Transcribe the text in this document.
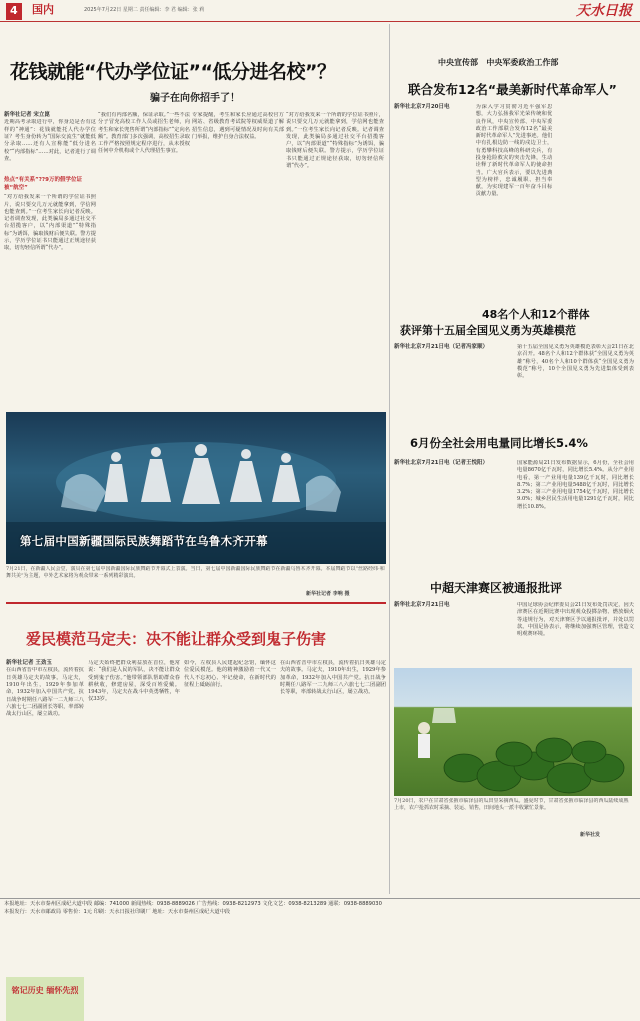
4	国内	2025年7月22日 星期二 责任编辑：李 君 编辑：张 莉	天水日报
花钱就能“代办学位证”“低分进名校”？
骗子在向你招手了！
新华社记者 宋立崑
近期高考录取进行中，你身边是否有这样的“神通”：花钱就能托人代办学位证？考生身份转为“国际交流生”就能低分录取……还有人宣称能“低分进名校”“内部指标”……对此，记者进行了调查。
热点“有关系”??9万的假学位证被“航空”
“对方给我发来一个所谓的学位证书照片，说只要交几万元就能拿到，学信网也能查到。”一位考生家长向记者反映。记者调查发现，此类骗局多通过社交平台招揽客户，以“内部渠道”“特殊指标”为诱饵，骗取钱财后便失联。警方提示，学历学位证书只能通过正规途径获取，切勿轻信所谓“代办”。
“我们有内部名额，保证录取。”一些不法分子冒充高校工作人员或招生老师，向考生和家长兜售所谓“内部指标”“定向名额”。教育部门多次强调，高校招生录取工作严格按照规定程序进行，从未授权任何中介机构或个人代理招生事宜。
专家提醒，考生和家长应通过高校官方网站、省级教育考试院等权威渠道了解招生信息，遇到可疑情况及时向有关部门举报，维护自身合法权益。
“对方给我发来一个所谓的学位证书照片，说只要交几万元就能拿到，学信网也能查到。”一位考生家长向记者反映。记者调查发现，此类骗局多通过社交平台招揽客户，以“内部渠道”“特殊指标”为诱饵，骗取钱财后便失联。警方提示，学历学位证书只能通过正规途径获取，切勿轻信所谓“代办”。
第七届中国新疆国际民族舞蹈节在乌鲁木齐开幕
7月21日，在新疆人民会堂，演员在第七届中国新疆国际民族舞蹈节开幕式上表演。当日，第七届中国新疆国际民族舞蹈节在新疆乌鲁木齐开幕。本届舞蹈节以“丝路经纬·和舞共美”为主题，中外艺术家将为观众带来一系列精彩演出。
新华社记者 李响 摄
爱民模范马定夫：决不能让群众受到鬼子伤害
新华社记者 王劲玉
在山西省晋中市左权县，流传着抗日英雄马定夫的故事。马定夫，1910年出生，1929年参加革命，1932年加入中国共产党。抗日战争时期任八路军一二九师三八六旅七七二团副团长等职，率部转战太行山区，屡立战功。
铭记历史 缅怀先烈
马定夫始终把群众利益放在首位，他常说：“我们是人民的军队，决不能让群众受到鬼子伤害。”他带领部队帮助群众春耕秋收，修建房屋，深受百姓爱戴。1943年，马定夫在战斗中英勇牺牲，年仅33岁。
如今，左权县人民建起纪念馆，缅怀这位爱民模范。他的精神激励着一代又一代人不忘初心、牢记使命，在新时代的征程上砥砺前行。
在山西省晋中市左权县，流传着抗日英雄马定夫的故事。马定夫，1910年出生，1929年参加革命，1932年加入中国共产党。抗日战争时期任八路军一二九师三八六旅七七二团副团长等职，率部转战太行山区，屡立战功。
中央宣传部 中央军委政治工作部
联合发布12名“最美新时代革命军人”
新华社北京7月20日电	为深入学习贯彻习近平强军思想，大力弘扬我军光荣传统和优良作风，中央宣传部、中央军委政治工作部联合发布12名“最美新时代革命军人”先进事迹。他们中有扎根边防一线的戍边卫士，有勇攀科技高峰的科研尖兵，有投身抢险救灾的突击先锋，生动诠释了新时代革命军人的使命担当。广大官兵表示，要以先进典型为榜样，忠诚履职、担当奉献，为实现建军一百年奋斗目标贡献力量。
48名个人和12个群体
获评第十五届全国见义勇为英雄模范
新华社北京7月21日电（记者冯家顺）	第十五届全国见义勇为英雄模范表彰大会21日在北京召开。48名个人和12个群体获“全国见义勇为英雄”称号，40名个人和10个群体获“全国见义勇为模范”称号，10个全国见义勇为先进集体受到表彰。
6月份全社会用电量同比增长5.4%
新华社北京7月21日电（记者王悦阳）	国家能源局21日发布数据显示，6月份，全社会用电量8670亿千瓦时，同比增长5.4%。从分产业用电看，第一产业用电量139亿千瓦时，同比增长8.7%；第二产业用电量5488亿千瓦时，同比增长3.2%；第三产业用电量1754亿千瓦时，同比增长9.0%；城乡居民生活用电量1291亿千瓦时，同比增长10.8%。
中超天津赛区被通报批评
新华社北京7月21日电	中国足球协会纪律委员会21日发布处罚决定，因天津赛区在近期比赛中出现观众投掷杂物、燃放烟火等违规行为，对天津赛区予以通报批评，并处以罚款。中国足协表示，将继续加强赛区管理，营造文明观赛环境。
7月20日，农户在甘肃省张掖市临泽县的瓜田里采摘西瓜。盛夏时节，甘肃省张掖市临泽县的西瓜陆续成熟上市，农户抢抓农时采摘、装运、销售，田间地头一派丰收繁忙景象。
新华社发
本报地址：天水市秦州区成纪大道中段 邮编：741000 新闻热线：0938-8889026 广告热线：0938-8212973 文化文艺：0938-8213289 通联：0938-8889030
本报发行：天水市邮政局 零售价：1元 印刷：天水日报社印刷厂 地址：天水市秦州区成纪大道中段
